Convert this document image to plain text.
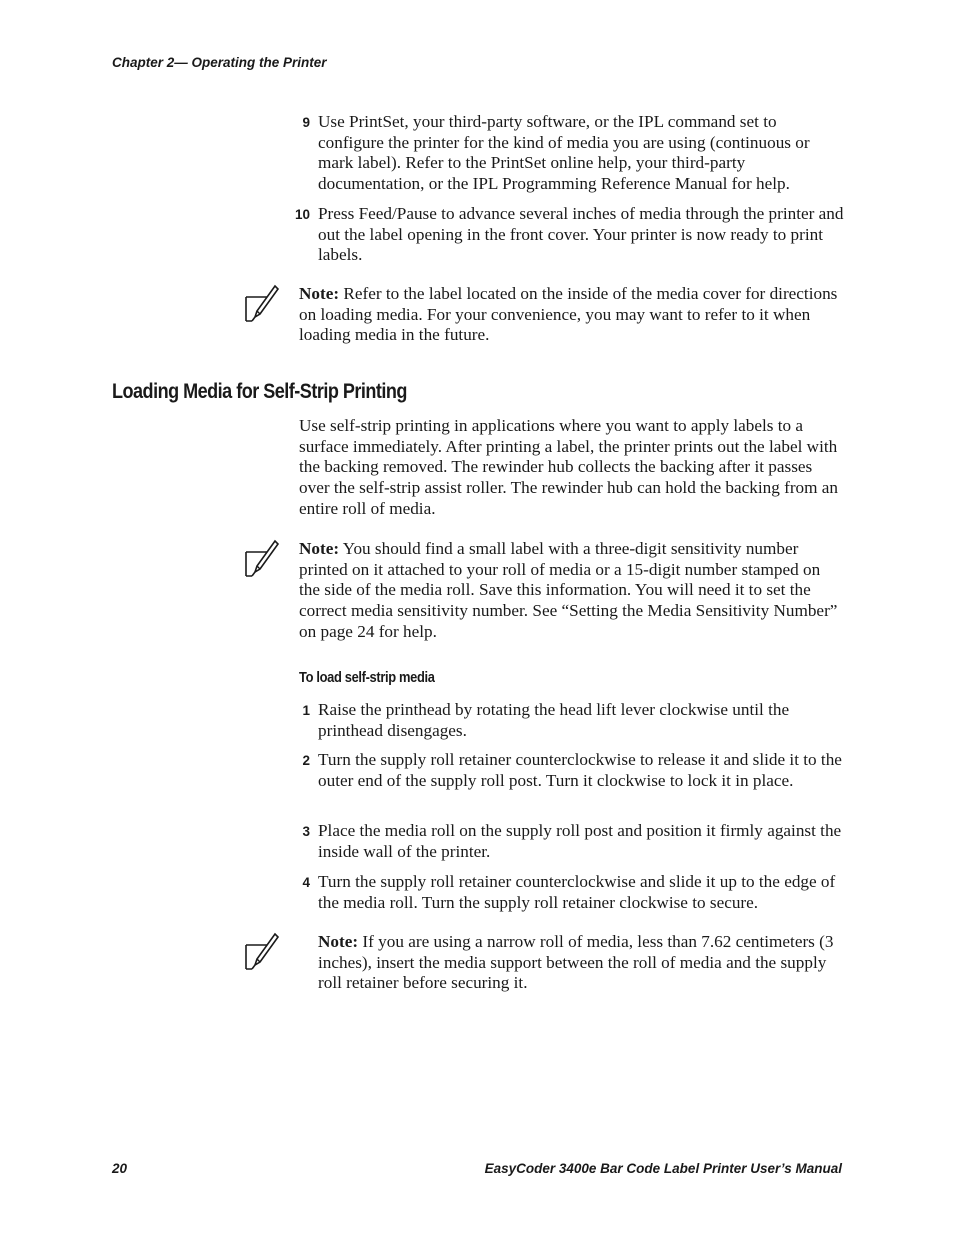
Chapter 2— Operating the Printer
9 Use PrintSet, your third-party software, or the IPL command set to configure the printer for the kind of media you are using (continuous or mark label). Refer to the PrintSet online help, your third-party documentation, or the IPL Programming Reference Manual for help.
10 Press Feed/Pause to advance several inches of media through the printer and out the label opening in the front cover. Your printer is now ready to print labels.
Note: Refer to the label located on the inside of the media cover for directions on loading media. For your convenience, you may want to refer to it when loading media in the future.
Loading Media for Self-Strip Printing
Use self-strip printing in applications where you want to apply labels to a surface immediately. After printing a label, the printer prints out the label with the backing removed. The rewinder hub collects the backing after it passes over the self-strip assist roller. The rewinder hub can hold the backing from an entire roll of media.
Note: You should find a small label with a three-digit sensitivity number printed on it attached to your roll of media or a 15-digit number stamped on the side of the media roll. Save this information. You will need it to set the correct media sensitivity number. See “Setting the Media Sensitivity Number” on page 24 for help.
To load self-strip media
1 Raise the printhead by rotating the head lift lever clockwise until the printhead disengages.
2 Turn the supply roll retainer counterclockwise to release it and slide it to the outer end of the supply roll post. Turn it clockwise to lock it in place.
3 Place the media roll on the supply roll post and position it firmly against the inside wall of the printer.
4 Turn the supply roll retainer counterclockwise and slide it up to the edge of the media roll. Turn the supply roll retainer clockwise to secure.
Note: If you are using a narrow roll of media, less than 7.62 centimeters (3 inches), insert the media support between the roll of media and the supply roll retainer before securing it.
20	EasyCoder 3400e Bar Code Label Printer User’s Manual
